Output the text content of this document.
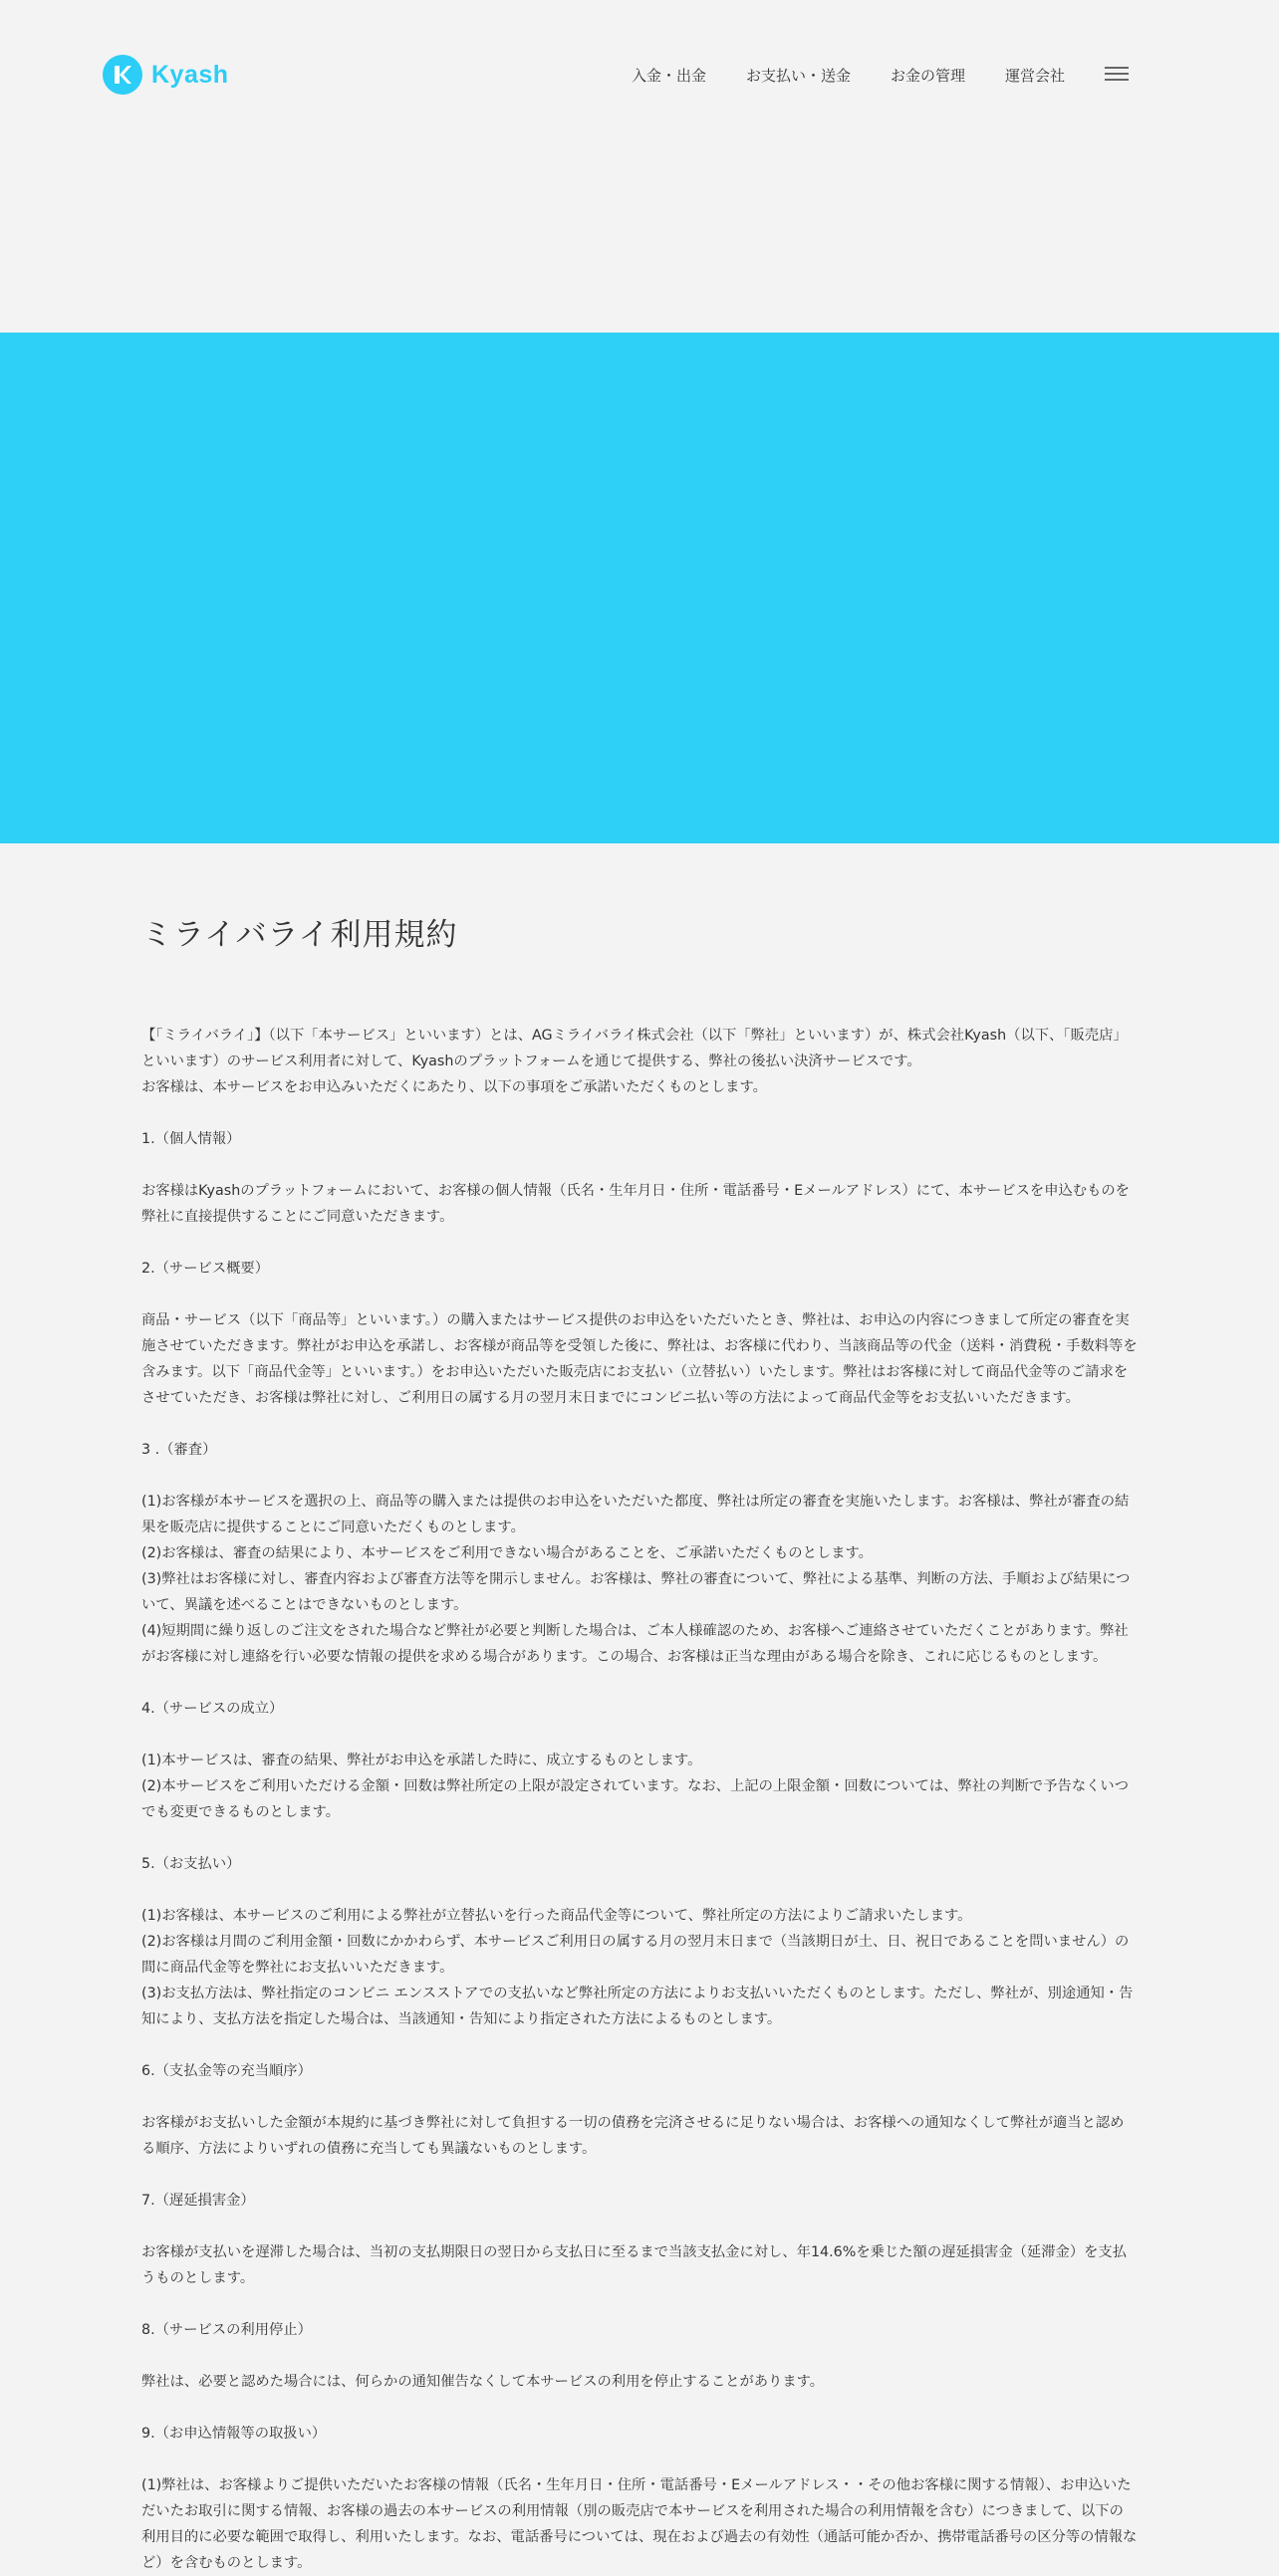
Kyash	入金・出金	お支払い・送金	お金の管理	運営会社
ミライバライ利用規約

【「ミライバライ」】（以下「本サービス」といいます）とは、AGミライバライ株式会社（以下「弊社」といいます）が、株式会社Kyash（以下、「販売店」といいます）のサービス利用者に対して、Kyashのプラットフォームを通じて提供する、弊社の後払い決済サービスです。

お客様は、本サービスをお申込みいただくにあたり、以下の事項をご承諾いただくものとします。

1.（個人情報）

お客様はKyashのプラットフォームにおいて、お客様の個人情報（氏名・生年月日・住所・電話番号・Eメールアドレス）にて、本サービスを申込むものを弊社に直接提供することにご同意いただきます。

2.（サービス概要）

商品・サービス（以下「商品等」といいます。）の購入またはサービス提供のお申込をいただいたとき、弊社は、お申込の内容につきまして所定の審査を実施させていただきます。弊社がお申込を承諾し、お客様が商品等を受領した後に、弊社は、お客様に代わり、当該商品等の代金（送料・消費税・手数料等を含みます。以下「商品代金等」といいます。）をお申込いただいた販売店にお支払い（立替払い）いたします。弊社はお客様に対して商品代金等のご請求をさせていただき、お客様は弊社に対し、ご利用日の属する月の翌月末日までにコンビニ払い等の方法によって商品代金等をお支払いいただきます。

3 .（審査）

(1)お客様が本サービスを選択の上、商品等の購入または提供のお申込をいただいた都度、弊社は所定の審査を実施いたします。お客様は、弊社が審査の結果を販売店に提供することにご同意いただくものとします。

(2)お客様は、審査の結果により、本サービスをご利用できない場合があることを、ご承諾いただくものとします。

(3)弊社はお客様に対し、審査内容および審査方法等を開示しません。お客様は、弊社の審査について、弊社による基準、判断の方法、手順および結果について、異議を述べることはできないものとします。

(4)短期間に繰り返しのご注文をされた場合など弊社が必要と判断した場合は、ご本人様確認のため、お客様へご連絡させていただくことがあります。弊社がお客様に対し連絡を行い必要な情報の提供を求める場合があります。この場合、お客様は正当な理由がある場合を除き、これに応じるものとします。

4.（サービスの成立）

(1)本サービスは、審査の結果、弊社がお申込を承諾した時に、成立するものとします。

(2)本サービスをご利用いただける金額・回数は弊社所定の上限が設定されています。なお、上記の上限金額・回数については、弊社の判断で予告なくいつでも変更できるものとします。

5.（お支払い）

(1)お客様は、本サービスのご利用による弊社が立替払いを行った商品代金等について、弊社所定の方法によりご請求いたします。

(2)お客様は月間のご利用金額・回数にかかわらず、本サービスご利用日の属する月の翌月末日まで（当該期日が土、日、祝日であることを問いません）の間に商品代金等を弊社にお支払いいただきます。

(3)お支払方法は、弊社指定のコンビニ エンスストアでの支払いなど弊社所定の方法によりお支払いいただくものとします。ただし、弊社が、別途通知・告知により、支払方法を指定した場合は、当該通知・告知により指定された方法によるものとします。

6.（支払金等の充当順序）

お客様がお支払いした金額が本規約に基づき弊社に対して負担する一切の債務を完済させるに足りない場合は、お客様への通知なくして弊社が適当と認める順序、方法によりいずれの債務に充当しても異議ないものとします。

7.（遅延損害金）

お客様が支払いを遅滞した場合は、当初の支払期限日の翌日から支払日に至るまで当該支払金に対し、年14.6%を乗じた額の遅延損害金（延滞金）を支払うものとします。

8.（サービスの利用停止）

弊社は、必要と認めた場合には、何らかの通知催告なくして本サービスの利用を停止することがあります。

9.（お申込情報等の取扱い）

(1)弊社は、お客様よりご提供いただいたお客様の情報（氏名・生年月日・住所・電話番号・Eメールアドレス・・その他お客様に関する情報）、お申込いただいたお取引に関する情報、お客様の過去の本サービスの利用情報（別の販売店で本サービスを利用された場合の利用情報を含む）につきまして、以下の利用目的に必要な範囲で取得し、利用いたします。なお、電話番号については、現在および過去の有効性（通話可能か否か、携帯電話番号の区分等の情報など）を含むものとします。
